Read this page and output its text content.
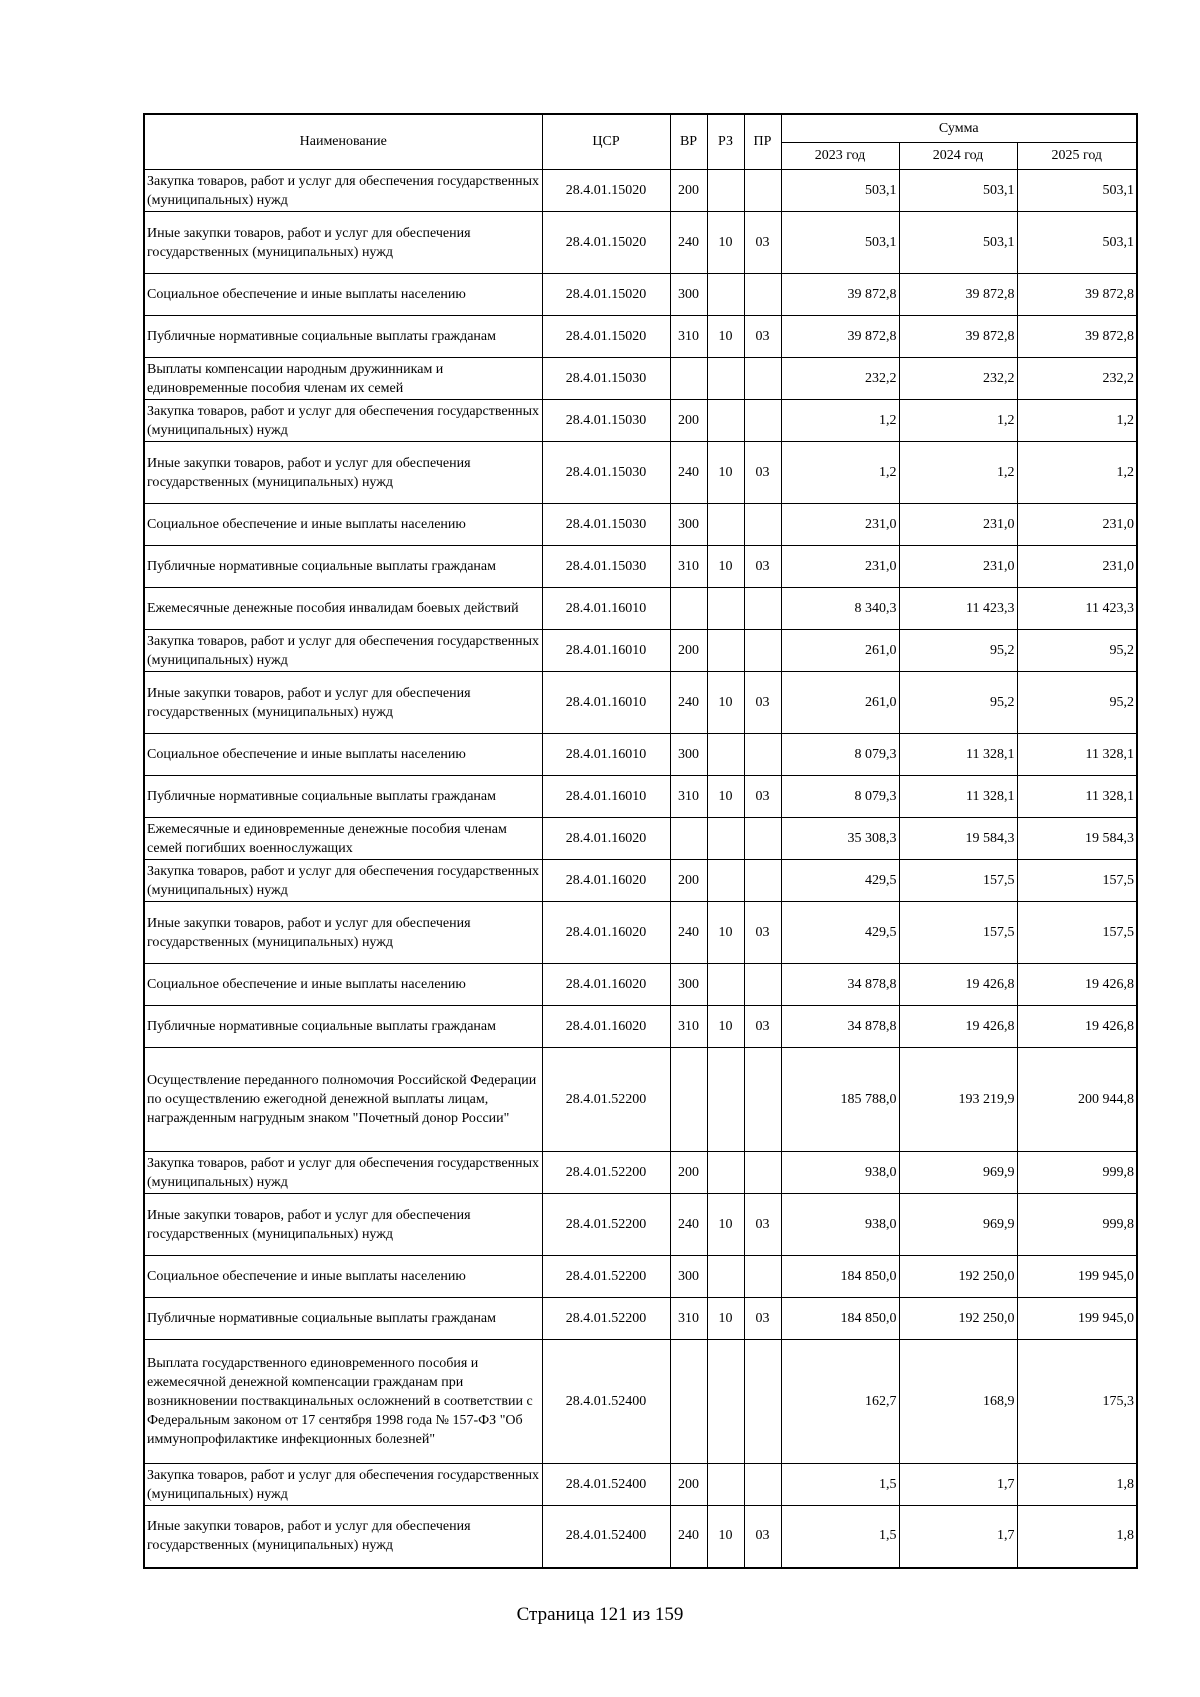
Наименование	ЦСР	ВР	РЗ	ПР	Сумма		
					2023 год	2024 год	2025 год
Закупка товаров, работ и услуг для обеспечения государственных (муниципальных) нужд	28.4.01.15020	200			503,1	503,1	503,1
Иные закупки товаров, работ и услуг для обеспечения государственных (муниципальных) нужд	28.4.01.15020	240	10	03	503,1	503,1	503,1
Социальное обеспечение и иные выплаты населению	28.4.01.15020	300			39 872,8	39 872,8	39 872,8
Публичные нормативные социальные выплаты гражданам	28.4.01.15020	310	10	03	39 872,8	39 872,8	39 872,8
Выплаты компенсации народным дружинникам и единовременные пособия членам их семей	28.4.01.15030				232,2	232,2	232,2
Закупка товаров, работ и услуг для обеспечения государственных (муниципальных) нужд	28.4.01.15030	200			1,2	1,2	1,2
Иные закупки товаров, работ и услуг для обеспечения государственных (муниципальных) нужд	28.4.01.15030	240	10	03	1,2	1,2	1,2
Социальное обеспечение и иные выплаты населению	28.4.01.15030	300			231,0	231,0	231,0
Публичные нормативные социальные выплаты гражданам	28.4.01.15030	310	10	03	231,0	231,0	231,0
Ежемесячные денежные пособия инвалидам боевых действий	28.4.01.16010				8 340,3	11 423,3	11 423,3
Закупка товаров, работ и услуг для обеспечения государственных (муниципальных) нужд	28.4.01.16010	200			261,0	95,2	95,2
Иные закупки товаров, работ и услуг для обеспечения государственных (муниципальных) нужд	28.4.01.16010	240	10	03	261,0	95,2	95,2
Социальное обеспечение и иные выплаты населению	28.4.01.16010	300			8 079,3	11 328,1	11 328,1
Публичные нормативные социальные выплаты гражданам	28.4.01.16010	310	10	03	8 079,3	11 328,1	11 328,1
Ежемесячные и единовременные денежные пособия членам семей погибших военнослужащих	28.4.01.16020				35 308,3	19 584,3	19 584,3
Закупка товаров, работ и услуг для обеспечения государственных (муниципальных) нужд	28.4.01.16020	200			429,5	157,5	157,5
Иные закупки товаров, работ и услуг для обеспечения государственных (муниципальных) нужд	28.4.01.16020	240	10	03	429,5	157,5	157,5
Социальное обеспечение и иные выплаты населению	28.4.01.16020	300			34 878,8	19 426,8	19 426,8
Публичные нормативные социальные выплаты гражданам	28.4.01.16020	310	10	03	34 878,8	19 426,8	19 426,8
Осуществление переданного полномочия Российской Федерации по осуществлению ежегодной денежной выплаты лицам, награжденным нагрудным знаком "Почетный донор России"	28.4.01.52200				185 788,0	193 219,9	200 944,8
Закупка товаров, работ и услуг для обеспечения государственных (муниципальных) нужд	28.4.01.52200	200			938,0	969,9	999,8
Иные закупки товаров, работ и услуг для обеспечения государственных (муниципальных) нужд	28.4.01.52200	240	10	03	938,0	969,9	999,8
Социальное обеспечение и иные выплаты населению	28.4.01.52200	300			184 850,0	192 250,0	199 945,0
Публичные нормативные социальные выплаты гражданам	28.4.01.52200	310	10	03	184 850,0	192 250,0	199 945,0
Выплата государственного единовременного пособия и ежемесячной денежной компенсации гражданам при возникновении поствакцинальных осложнений в соответствии с Федеральным законом от 17 сентября 1998 года № 157-ФЗ "Об иммунопрофилактике инфекционных болезней"	28.4.01.52400				162,7	168,9	175,3
Закупка товаров, работ и услуг для обеспечения государственных (муниципальных) нужд	28.4.01.52400	200			1,5	1,7	1,8
Иные закупки товаров, работ и услуг для обеспечения государственных (муниципальных) нужд	28.4.01.52400	240	10	03	1,5	1,7	1,8
Страница 121 из 159
